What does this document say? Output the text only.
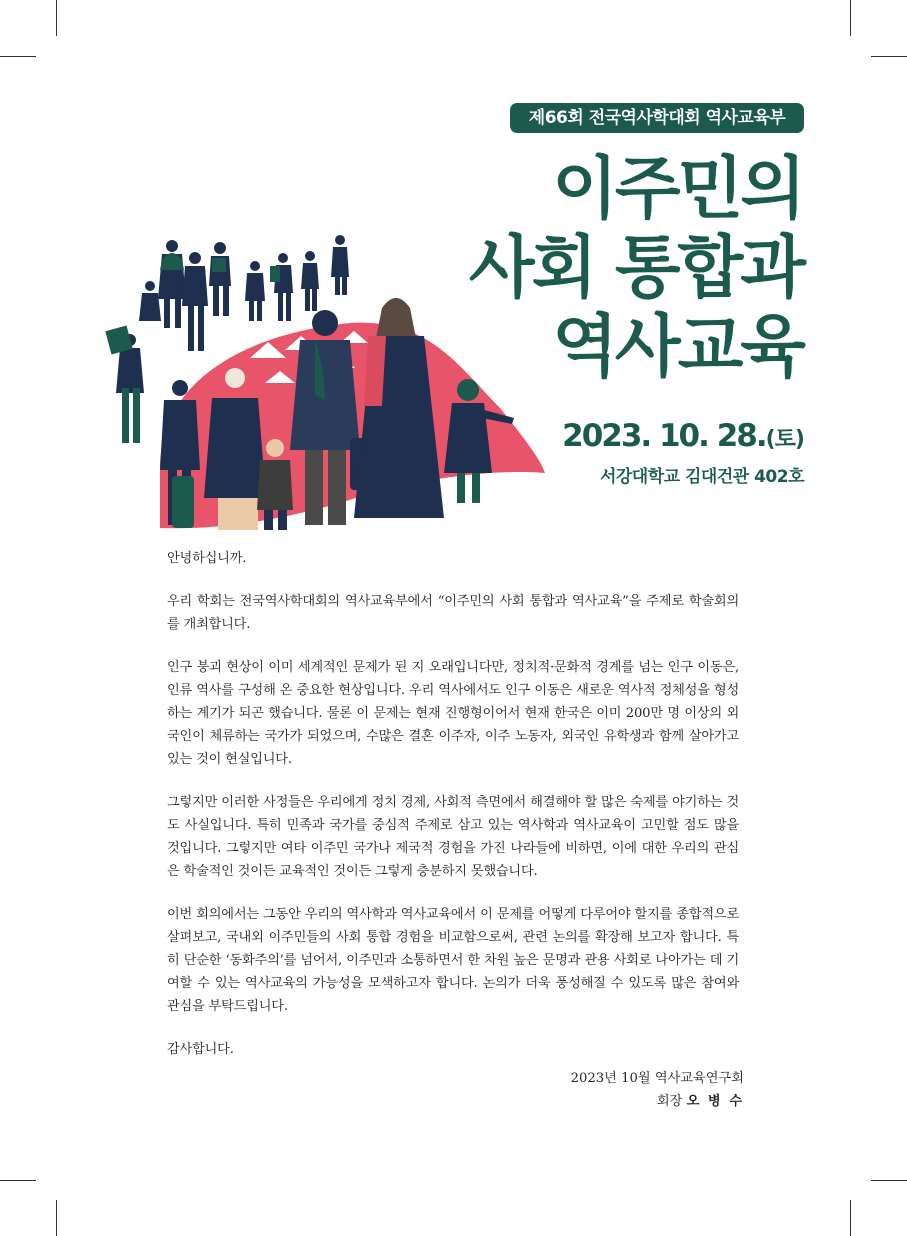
제66회 전국역사학대회 역사교육부
이주민의
사회 통합과
역사교육
2023. 10. 28.(토)
서강대학교 김대건관 402호

안녕하십니까.

우리 학회는 전국역사학대회의 역사교육부에서 “이주민의 사회 통합과 역사교육”을 주제로 학술회의를 개최합니다.

인구 붕괴 현상이 이미 세계적인 문제가 된 지 오래입니다만, 정치적·문화적 경계를 넘는 인구 이동은, 인류 역사를 구성해 온 중요한 현상입니다. 우리 역사에서도 인구 이동은 새로운 역사적 정체성을 형성하는 계기가 되곤 했습니다. 물론 이 문제는 현재 진행형이어서 현재 한국은 이미 200만 명 이상의 외국인이 체류하는 국가가 되었으며, 수많은 결혼 이주자, 이주 노동자, 외국인 유학생과 함께 살아가고 있는 것이 현실입니다.

그렇지만 이러한 사정들은 우리에게 정치 경제, 사회적 측면에서 해결해야 할 많은 숙제를 야기하는 것도 사실입니다. 특히 민족과 국가를 중심적 주제로 삼고 있는 역사학과 역사교육이 고민할 점도 많을 것입니다. 그렇지만 여타 이주민 국가나 제국적 경험을 가진 나라들에 비하면, 이에 대한 우리의 관심은 학술적인 것이든 교육적인 것이든 그렇게 충분하지 못했습니다.

이번 회의에서는 그동안 우리의 역사학과 역사교육에서 이 문제를 어떻게 다루어야 할지를 종합적으로 살펴보고, 국내외 이주민들의 사회 통합 경험을 비교함으로써, 관련 논의를 확장해 보고자 합니다. 특히 단순한 ‘동화주의’를 넘어서, 이주민과 소통하면서 한 차원 높은 문명과 관용 사회로 나아가는 데 기여할 수 있는 역사교육의 가능성을 모색하고자 합니다. 논의가 더욱 풍성해질 수 있도록 많은 참여와 관심을 부탁드립니다.

감사합니다.

2023년 10월 역사교육연구회
회장 오 병 수
